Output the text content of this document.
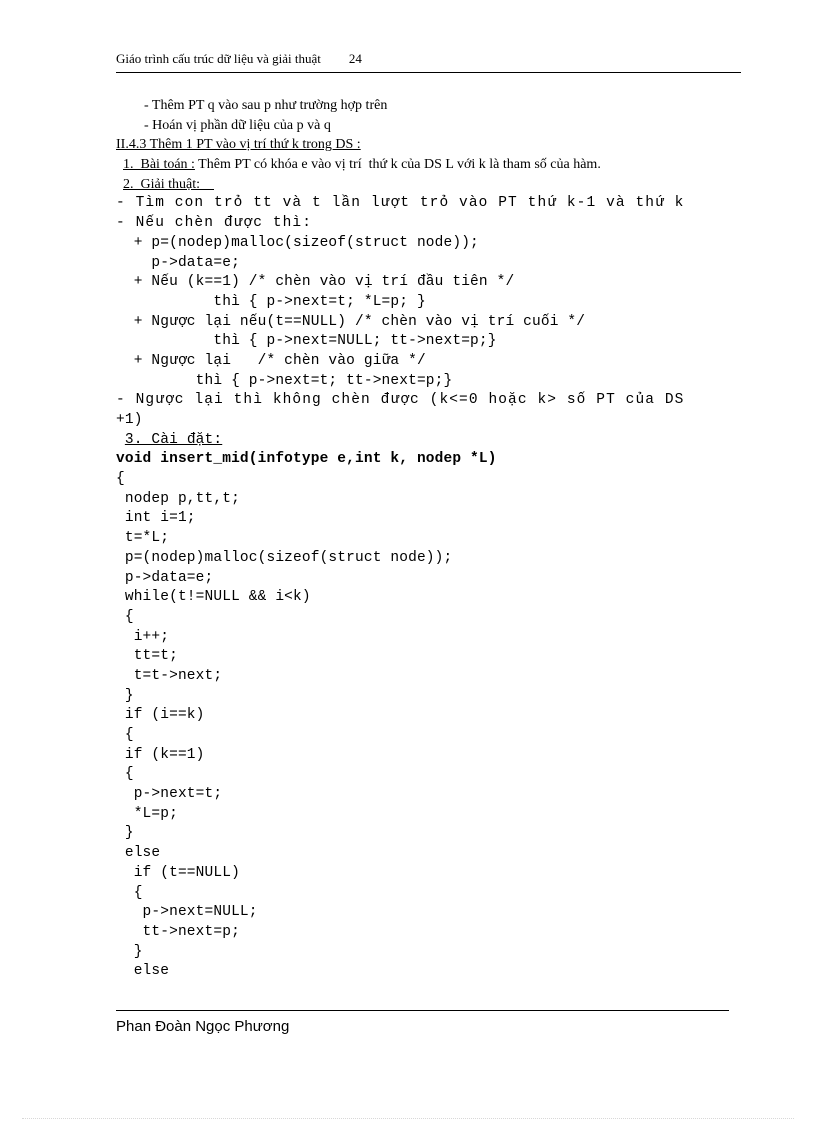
Giáo trình cấu trúc dữ liệu và giải thuật 24
- Thêm PT q vào sau p như trường hợp trên
- Hoán vị phần dữ liệu của p và q
II.4.3 Thêm 1 PT vào vị trí thứ k trong DS :
1.  Bài toán : Thêm PT có khóa e vào vị trí  thứ k của DS L với k là tham số của hàm.
2.  Giải thuật:
- Tìm con trỏ tt và t lần lượt trỏ vào PT thứ k-1 và thứ k
- Nếu chèn được thì:
+ p=(nodep)malloc(sizeof(struct node));
p->data=e;
+ Nếu (k==1) /* chèn vào vị trí đầu tiên */
thì { p->next=t; *L=p; }
+ Ngược lại nếu(t==NULL) /* chèn vào vị trí cuối */
thì { p->next=NULL; tt->next=p;}
+ Ngược lại   /* chèn vào giữa */
thì { p->next=t; tt->next=p;}
- Ngược lại thì không chèn được (k<=0 hoặc k> số PT của DS
+1)
3. Cài đặt:
void insert_mid(infotype e,int k, nodep *L)
{
nodep p,tt,t;
int i=1;
t=*L;
p=(nodep)malloc(sizeof(struct node));
p->data=e;
while(t!=NULL && i<k)
{
i++;
tt=t;
t=t->next;
}
if (i==k)
{
if (k==1)
{
p->next=t;
*L=p;
}
else
if (t==NULL)
{
p->next=NULL;
tt->next=p;
}
else
Phan Đoàn Ngọc Phương
